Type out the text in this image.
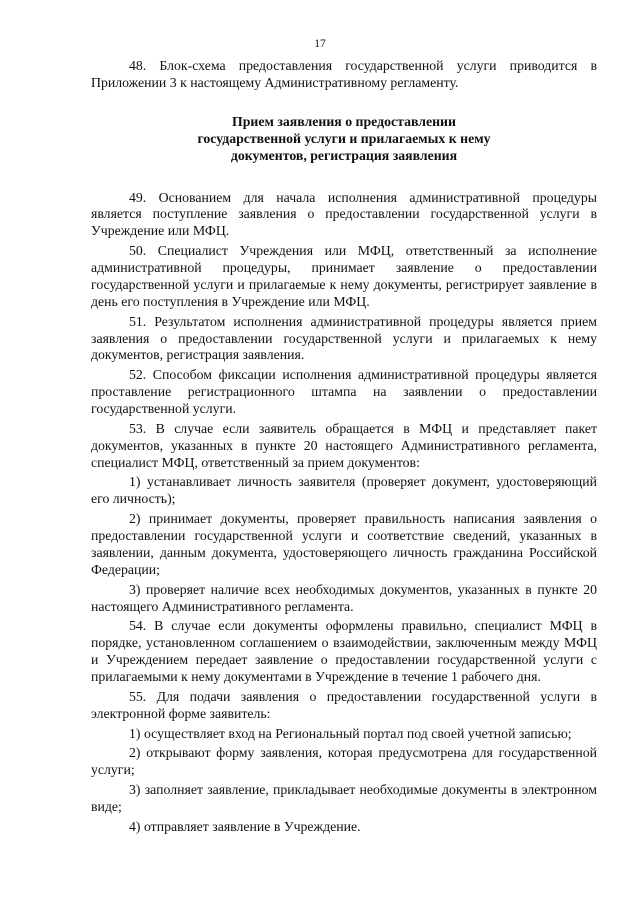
17

48. Блок-схема предоставления государственной услуги приводится в Приложении 3 к настоящему Административному регламенту.

Прием заявления о предоставлении
государственной услуги и прилагаемых к нему
документов, регистрация заявления

49. Основанием для начала исполнения административной процедуры является поступление заявления о предоставлении государственной услуги в Учреждение или МФЦ.

50. Специалист Учреждения или МФЦ, ответственный за исполнение административной процедуры, принимает заявление о предоставлении государственной услуги и прилагаемые к нему документы, регистрирует заявление в день его поступления в Учреждение или МФЦ.

51. Результатом исполнения административной процедуры является прием заявления о предоставлении государственной услуги и прилагаемых к нему документов, регистрация заявления.

52. Способом фиксации исполнения административной процедуры является проставление регистрационного штампа на заявлении о предоставлении государственной услуги.

53. В случае если заявитель обращается в МФЦ и представляет пакет документов, указанных в пункте 20 настоящего Административного регламента, специалист МФЦ, ответственный за прием документов:

1) устанавливает личность заявителя (проверяет документ, удостоверяющий его личность);

2) принимает документы, проверяет правильность написания заявления о предоставлении государственной услуги и соответствие сведений, указанных в заявлении, данным документа, удостоверяющего личность гражданина Российской Федерации;

3) проверяет наличие всех необходимых документов, указанных в пункте 20 настоящего Административного регламента.

54. В случае если документы оформлены правильно, специалист МФЦ в порядке, установленном соглашением о взаимодействии, заключенным между МФЦ и Учреждением передает заявление о предоставлении государственной услуги с прилагаемыми к нему документами в Учреждение в течение 1 рабочего дня.

55. Для подачи заявления о предоставлении государственной услуги в электронной форме заявитель:

1) осуществляет вход на Региональный портал под своей учетной записью;

2) открывают форму заявления, которая предусмотрена для государственной услуги;

3) заполняет заявление, прикладывает необходимые документы в электронном виде;

4) отправляет заявление в Учреждение.
